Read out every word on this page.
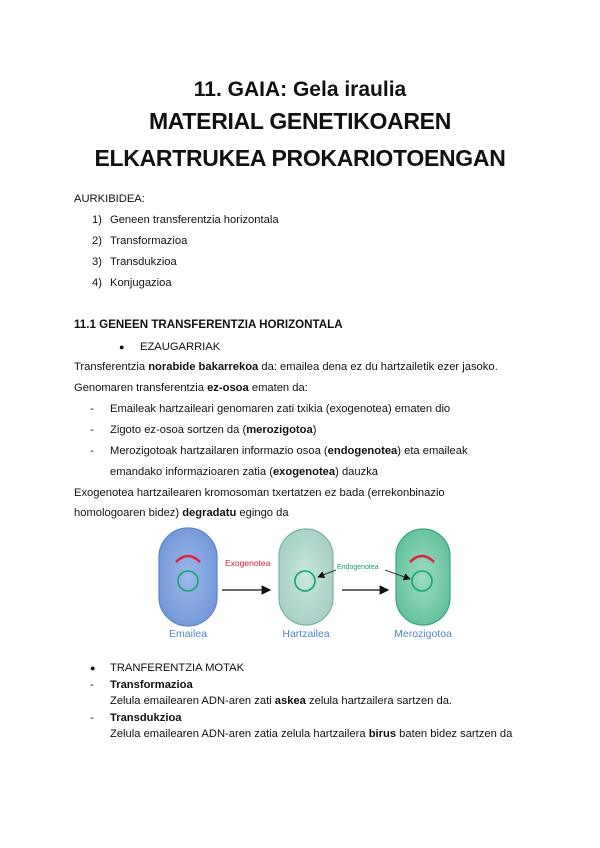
11. GAIA: Gela iraulia
MATERIAL GENETIKOAREN
ELKARTRUKEA PROKARIOTOENGAN
AURKIBIDEA:
1) Geneen transferentzia horizontala
2) Transformazioa
3) Transdukzioa
4) Konjugazioa
11.1 GENEEN TRANSFERENTZIA HORIZONTALA
● EZAUGARRIAK
Transferentzia norabide bakarrekoa da: emailea dena ez du hartzailetik ezer jasoko.
Genomaren transferentzia ez-osoa ematen da:
- Emaileak hartzaileari genomaren zati txikia (exogenotea) ematen dio
- Zigoto ez-osoa sortzen da (merozigotoa)
- Merozigotoak hartzailaren informazio osoa (endogenotea) eta emaileak
emandako informazioaren zatia (exogenotea) dauzka
Exogenotea hartzailearen kromosoman txertatzen ez bada (errekonbinazio
homologoaren bidez) degradatu egingo da
Exogenotea	Endogenotea
Emailea	Hartzailea	Merozigotoa
● TRANFERENTZIA MOTAK
- Transformazioa
Zelula emailearen ADN-aren zati askea zelula hartzailera sartzen da.
- Transdukzioa
Zelula emailearen ADN-aren zatia zelula hartzailera birus baten bidez sartzen da
